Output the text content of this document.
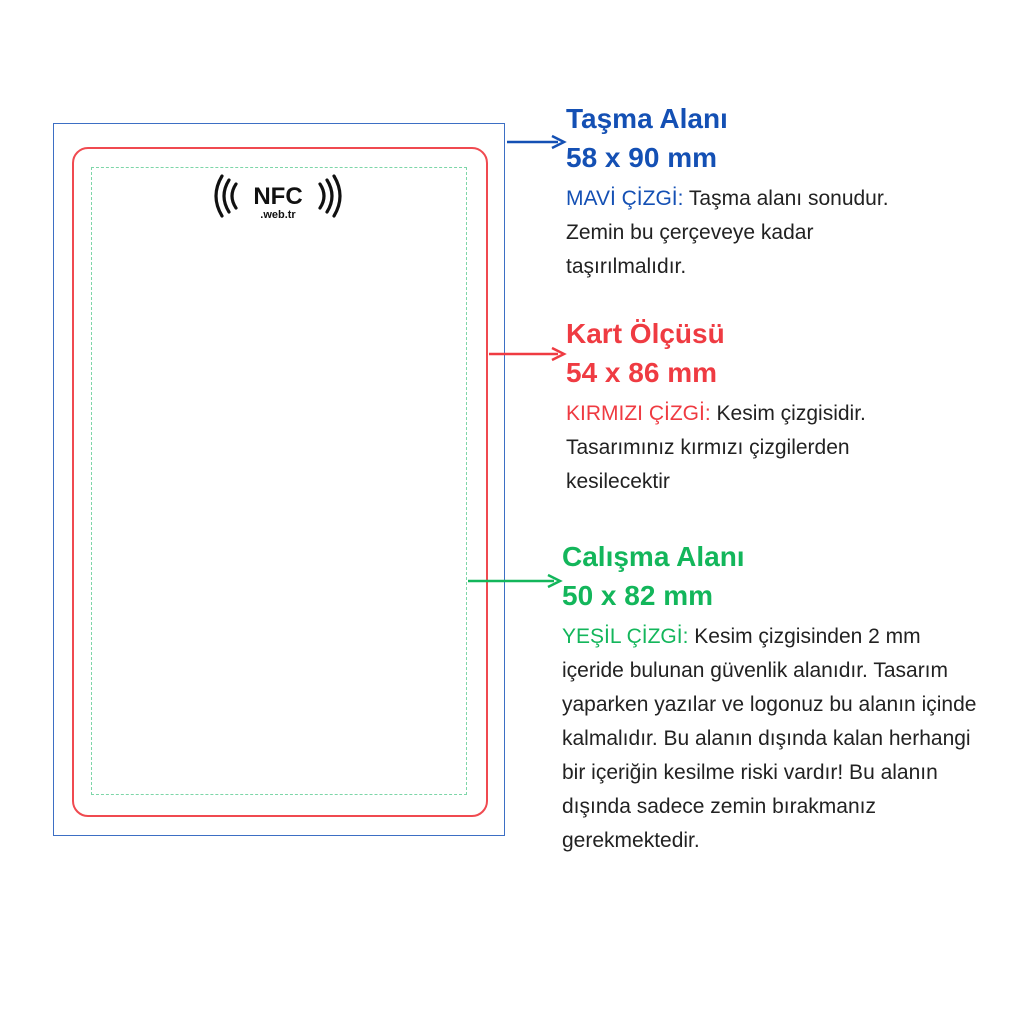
NFC
.web.tr

Taşma Alanı

58 x 90 mm

MAVİ ÇİZGİ: Taşma alanı sonudur. Zemin bu çerçeveye kadar taşırılmalıdır.

Kart Ölçüsü

54 x 86 mm

KIRMIZI ÇİZGİ: Kesim çizgisidir. Tasarımınız kırmızı çizgilerden kesilecektir

Calışma Alanı

50 x 82 mm

YEŞİL ÇİZGİ: Kesim çizgisinden 2 mm içeride bulunan güvenlik alanıdır. Tasarım yaparken yazılar ve logonuz bu alanın içinde kalmalıdır. Bu alanın dışında kalan herhangi bir içeriğin kesilme riski vardır! Bu alanın dışında sadece zemin bırakmanız gerekmektedir.
